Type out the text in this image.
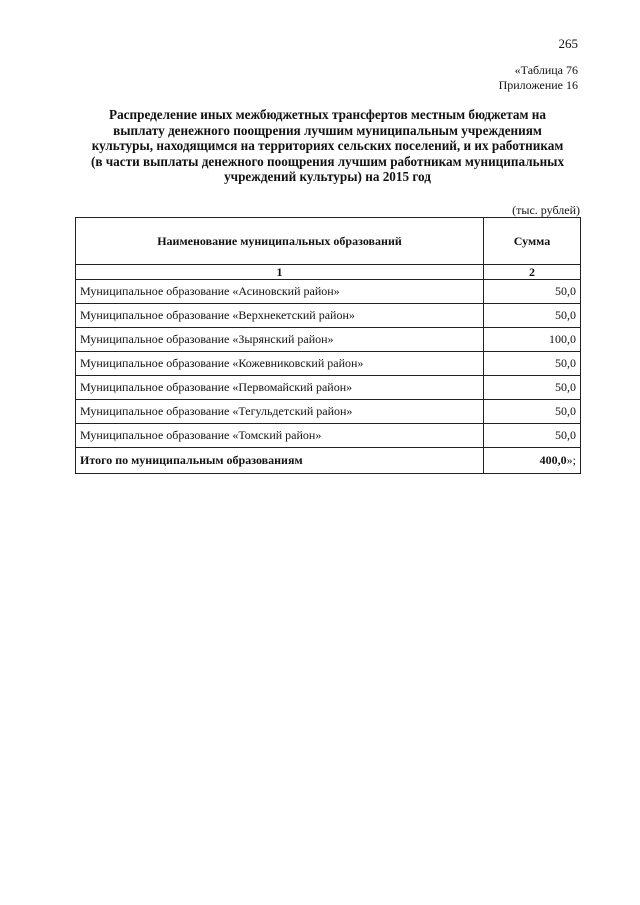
265
«Таблица 76
Приложение 16
Распределение иных межбюджетных трансфертов местным бюджетам на
выплату денежного поощрения лучшим муниципальным учреждениям
культуры, находящимся на территориях сельских поселений, и их работникам
(в части выплаты денежного поощрения лучшим работникам муниципальных
учреждений культуры) на 2015 год
(тыс. рублей)
Наименование муниципальных образований	Сумма
1	2
Муниципальное образование «Асиновский район»	50,0
Муниципальное образование «Верхнекетский район»	50,0
Муниципальное образование «Зырянский район»	100,0
Муниципальное образование «Кожевниковский район»	50,0
Муниципальное образование «Первомайский район»	50,0
Муниципальное образование «Тегульдетский район»	50,0
Муниципальное образование «Томский район»	50,0
Итого по муниципальным образованиям	400,0»;
